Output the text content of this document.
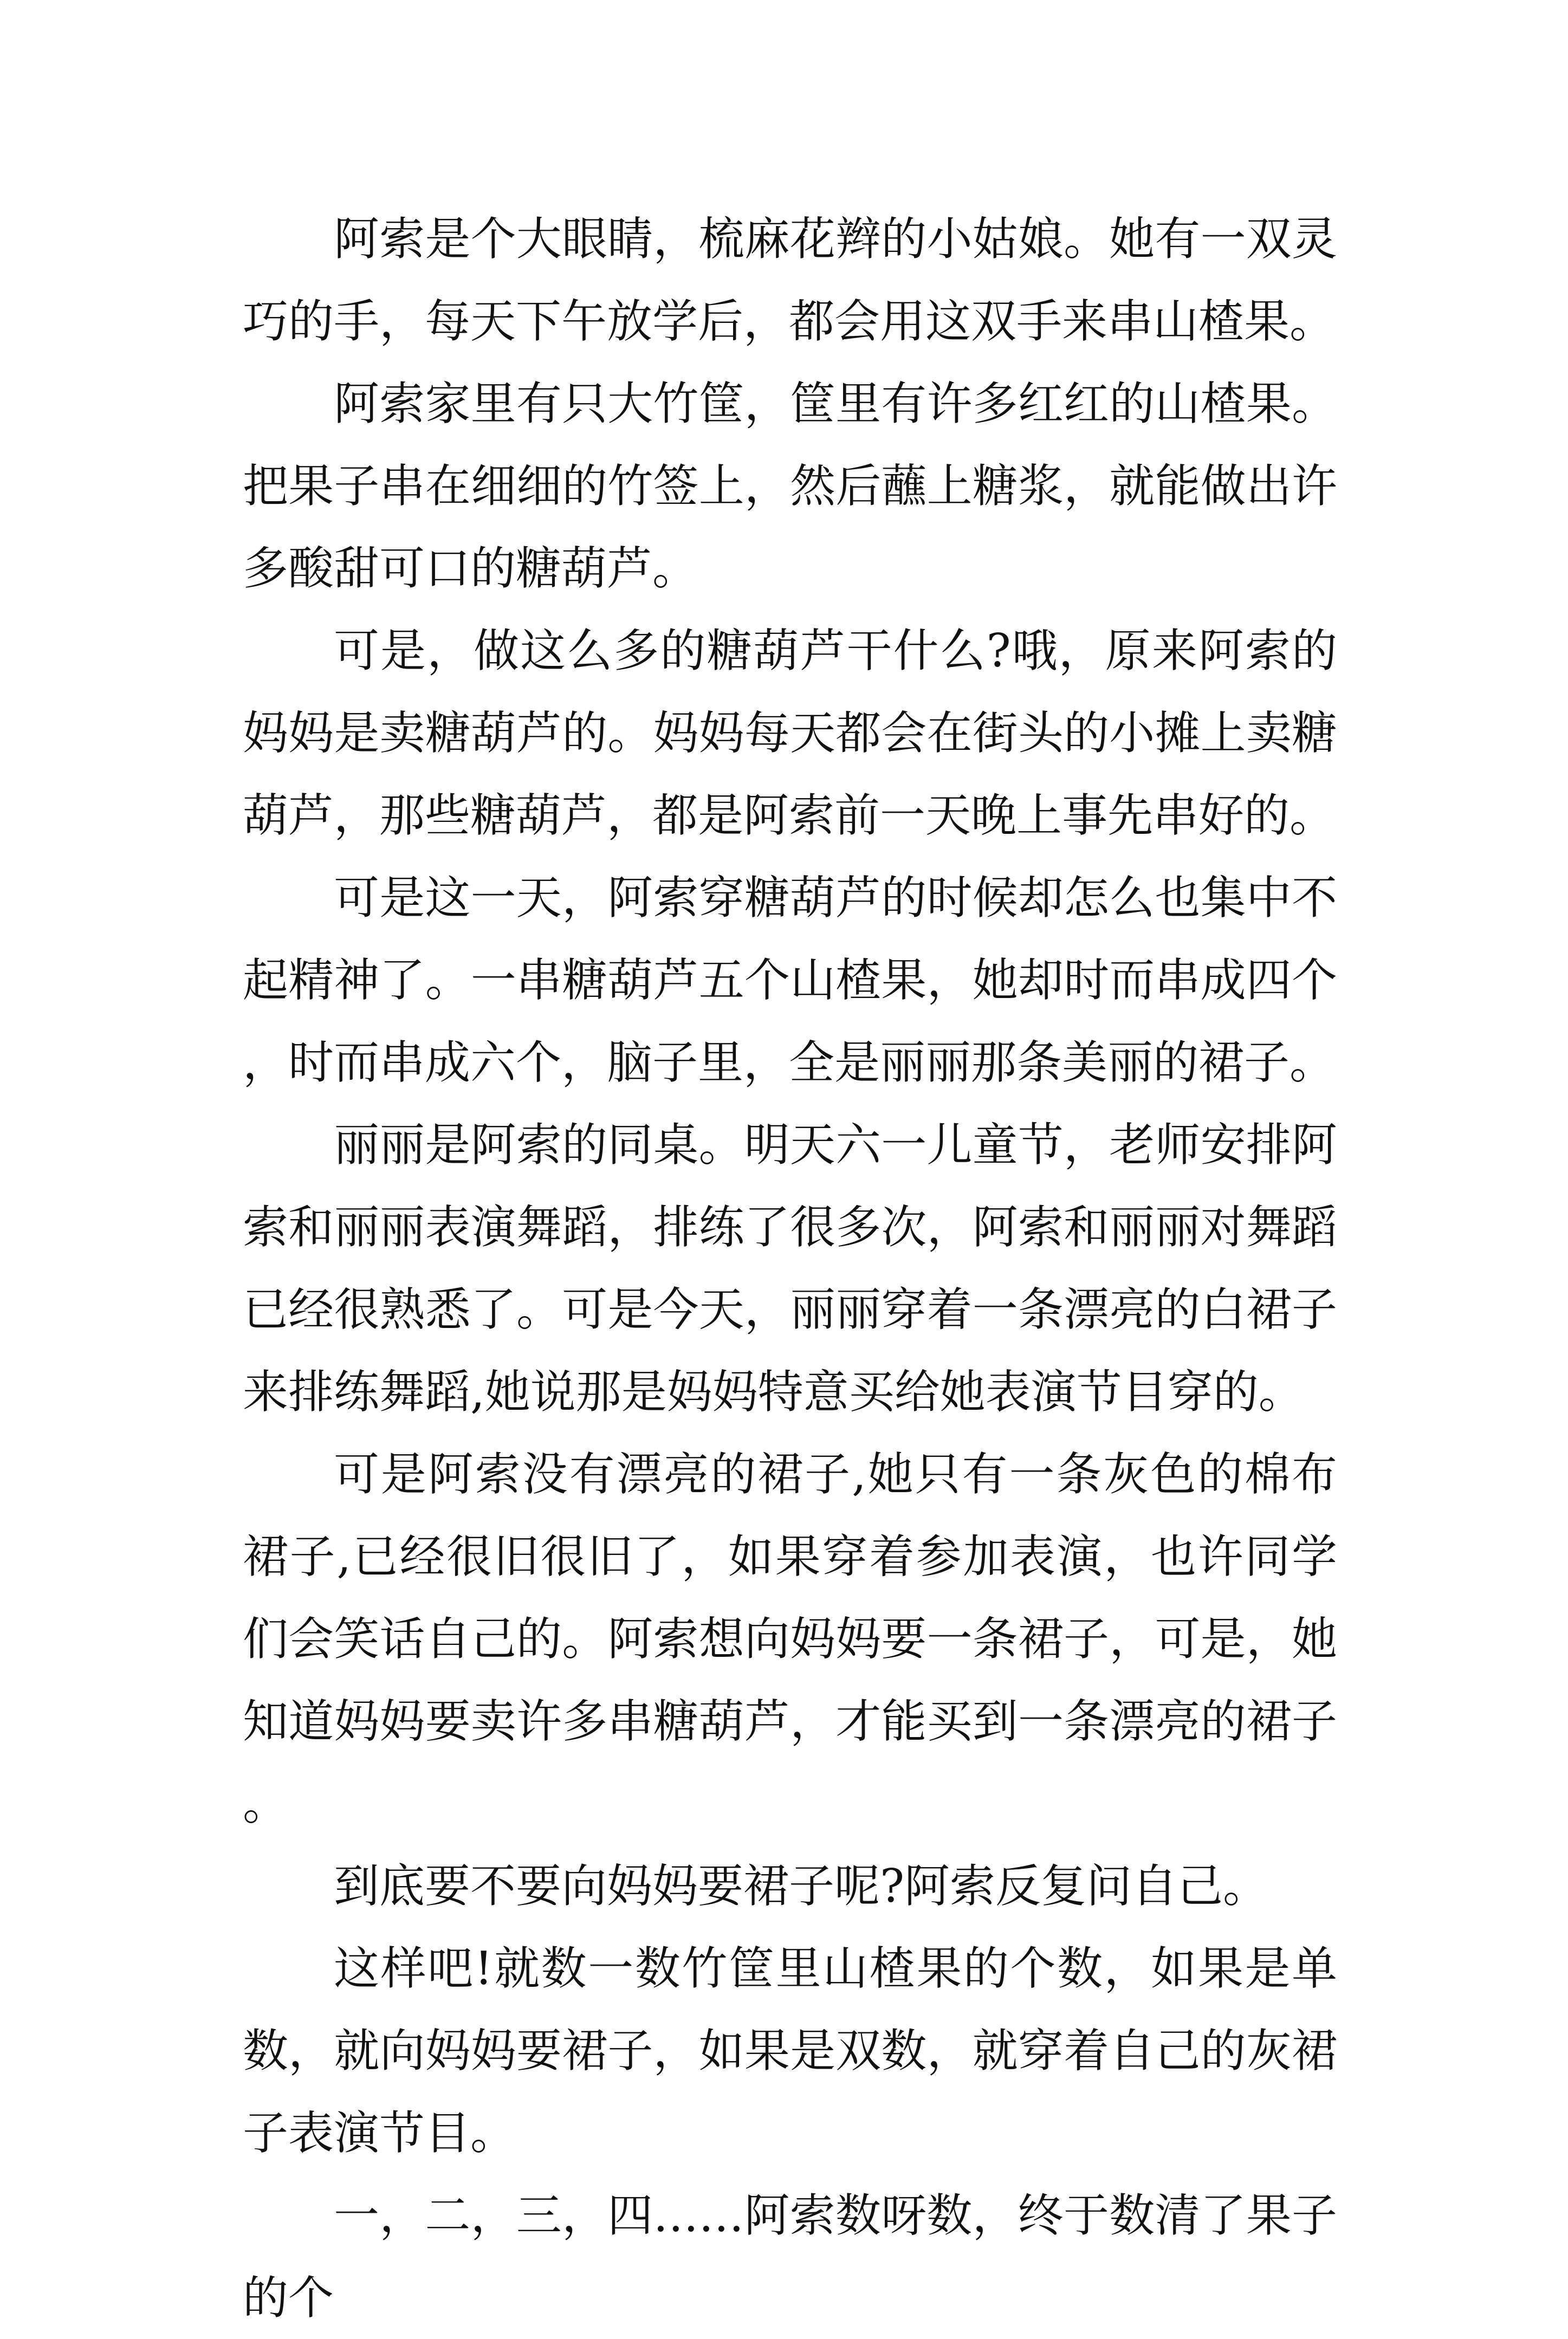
阿索是个大眼睛，梳麻花辫的小姑娘。她有一双灵巧的手，每天下午放学后，都会用这双手来串山楂果。

阿索家里有只大竹筐，筐里有许多红红的山楂果。把果子串在细细的竹签上，然后蘸上糖浆，就能做出许多酸甜可口的糖葫芦。

可是，做这么多的糖葫芦干什么?哦，原来阿索的妈妈是卖糖葫芦的。妈妈每天都会在街头的小摊上卖糖葫芦，那些糖葫芦，都是阿索前一天晚上事先串好的。

可是这一天，阿索穿糖葫芦的时候却怎么也集中不起精神了。一串糖葫芦五个山楂果，她却时而串成四个，时而串成六个，脑子里，全是丽丽那条美丽的裙子。

丽丽是阿索的同桌。明天六一儿童节，老师安排阿索和丽丽表演舞蹈，排练了很多次，阿索和丽丽对舞蹈已经很熟悉了。可是今天，丽丽穿着一条漂亮的白裙子来排练舞蹈,她说那是妈妈特意买给她表演节目穿的。

可是阿索没有漂亮的裙子,她只有一条灰色的棉布裙子,已经很旧很旧了，如果穿着参加表演，也许同学们会笑话自己的。阿索想向妈妈要一条裙子，可是，她知道妈妈要卖许多串糖葫芦，才能买到一条漂亮的裙子。

到底要不要向妈妈要裙子呢?阿索反复问自己。

这样吧!就数一数竹筐里山楂果的个数，如果是单数，就向妈妈要裙子，如果是双数，就穿着自己的灰裙子表演节目。

一，二，三，四……阿索数呀数，终于数清了果子的个
